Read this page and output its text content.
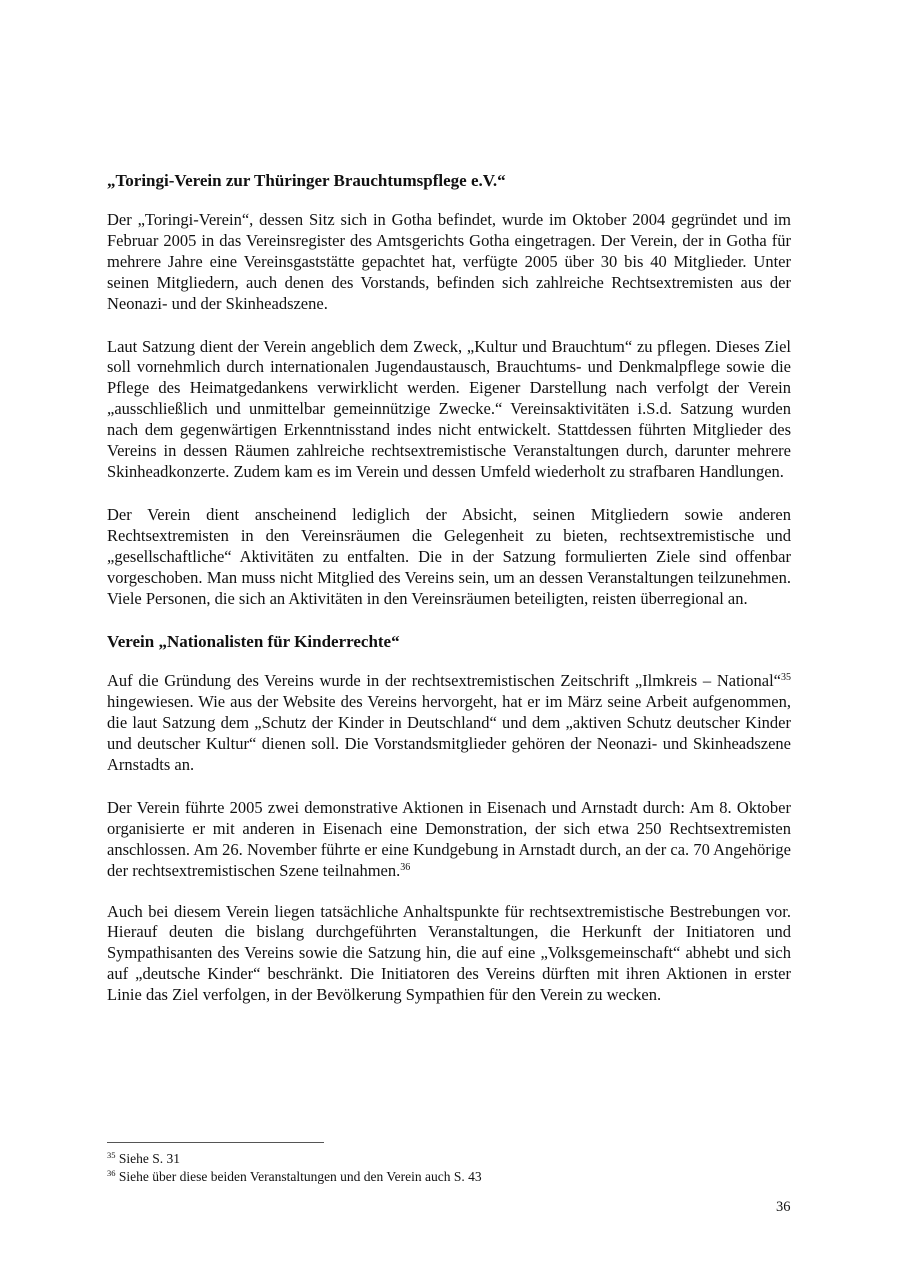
„Toringi-Verein zur Thüringer Brauchtumspflege e.V.“

Der „Toringi-Verein“, dessen Sitz sich in Gotha befindet, wurde im Oktober 2004 gegründet und im Februar 2005 in das Vereinsregister des Amtsgerichts Gotha eingetragen. Der Verein, der in Gotha für mehrere Jahre eine Vereinsgaststätte gepachtet hat, verfügte 2005 über 30 bis 40 Mitglieder. Unter seinen Mitgliedern, auch denen des Vorstands, befinden sich zahlreiche Rechtsextremisten aus der Neonazi- und der Skinheadszene.

Laut Satzung dient der Verein angeblich dem Zweck, „Kultur und Brauchtum“ zu pflegen. Dieses Ziel soll vornehmlich durch internationalen Jugendaustausch, Brauchtums- und Denkmalpflege sowie die Pflege des Heimatgedankens verwirklicht werden. Eigener Darstellung nach verfolgt der Verein „ausschließlich und unmittelbar gemeinnützige Zwecke.“ Vereinsaktivitäten i.S.d. Satzung wurden nach dem gegenwärtigen Erkenntnisstand indes nicht entwickelt. Stattdessen führten Mitglieder des Vereins in dessen Räumen zahlreiche rechtsextremistische Veranstaltungen durch, darunter mehrere Skinheadkonzerte. Zudem kam es im Verein und dessen Umfeld wiederholt zu strafbaren Handlungen.

Der Verein dient anscheinend lediglich der Absicht, seinen Mitgliedern sowie anderen Rechtsextremisten in den Vereinsräumen die Gelegenheit zu bieten, rechtsextremistische und „gesellschaftliche“ Aktivitäten zu entfalten. Die in der Satzung formulierten Ziele sind offenbar vorgeschoben. Man muss nicht Mitglied des Vereins sein, um an dessen Veranstaltungen teilzunehmen. Viele Personen, die sich an Aktivitäten in den Vereinsräumen beteiligten, reisten überregional an.

Verein „Nationalisten für Kinderrechte“

Auf die Gründung des Vereins wurde in der rechtsextremistischen Zeitschrift „Ilmkreis – National“$^{35}$ hingewiesen. Wie aus der Website des Vereins hervorgeht, hat er im März seine Arbeit aufgenommen, die laut Satzung dem „Schutz der Kinder in Deutschland“ und dem „aktiven Schutz deutscher Kinder und deutscher Kultur“ dienen soll. Die Vorstandsmitglieder gehören der Neonazi- und Skinheadszene Arnstadts an.

Der Verein führte 2005 zwei demonstrative Aktionen in Eisenach und Arnstadt durch: Am 8. Oktober organisierte er mit anderen in Eisenach eine Demonstration, der sich etwa 250 Rechtsextremisten anschlossen. Am 26. November führte er eine Kundgebung in Arnstadt durch, an der ca. 70 Angehörige der rechtsextremistischen Szene teilnahmen.$^{36}$

Auch bei diesem Verein liegen tatsächliche Anhaltspunkte für rechtsextremistische Bestrebungen vor. Hierauf deuten die bislang durchgeführten Veranstaltungen, die Herkunft der Initiatoren und Sympathisanten des Vereins sowie die Satzung hin, die auf eine „Volksgemeinschaft“ abhebt und sich auf „deutsche Kinder“ beschränkt. Die Initiatoren des Vereins dürften mit ihren Aktionen in erster Linie das Ziel verfolgen, in der Bevölkerung Sympathien für den Verein zu wecken.

$^{35}$ Siehe S. 31
$^{36}$ Siehe über diese beiden Veranstaltungen und den Verein auch S. 43
36
